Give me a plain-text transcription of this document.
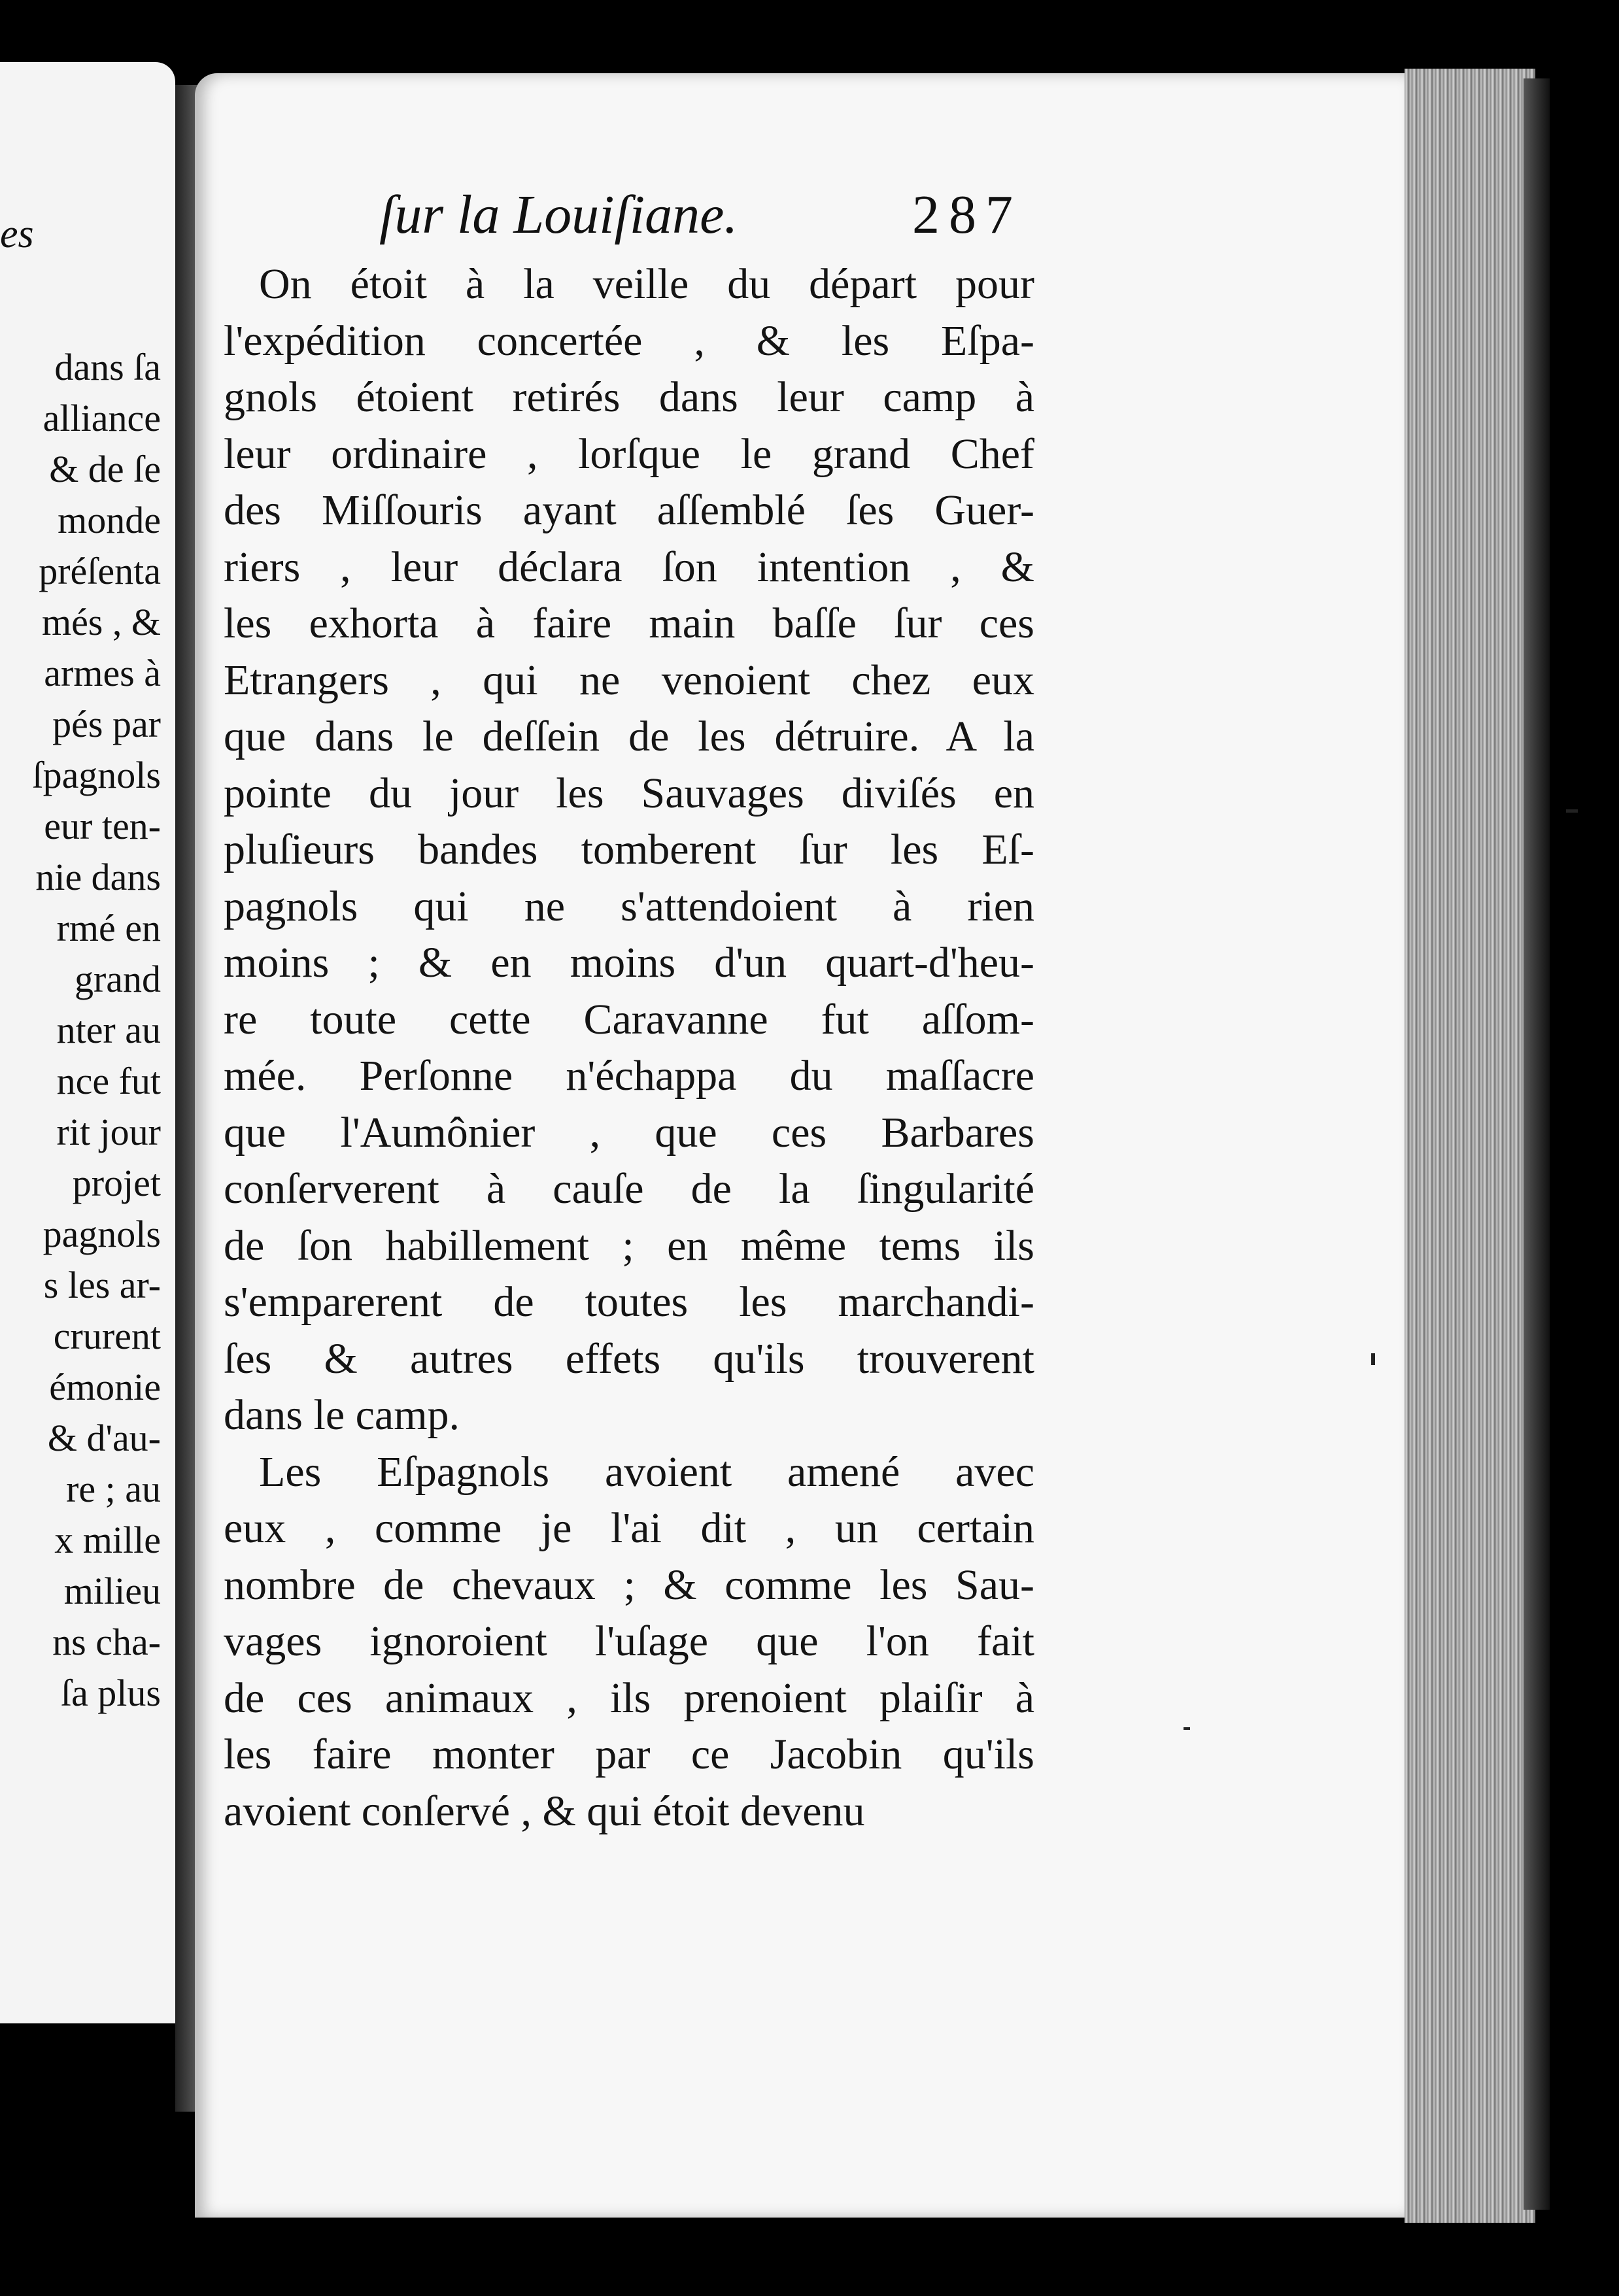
es
dans ſa
alliance
& de ſe
monde
préſenta
més , &
armes à
pés par
ſpagnols
eur ten-
nie dans
rmé en
grand
nter au
nce fut
rit jour
projet
pagnols
s les ar-
crurent
émonie
& d'au-
re ; au
x mille
milieu
ns cha-
ſa plus
ſur la Louiſiane.	287
On étoit à la veille du départ pour
l'expédition concertée , & les Eſpa-
gnols étoient retirés dans leur camp à
leur ordinaire , lorſque le grand Chef
des Miſſouris ayant aſſemblé ſes Guer-
riers , leur déclara ſon intention , &
les exhorta à faire main baſſe ſur ces
Etrangers , qui ne venoient chez eux
que dans le deſſein de les détruire. A la
pointe du jour les Sauvages diviſés en
pluſieurs bandes tomberent ſur les Eſ-
pagnols qui ne s'attendoient à rien
moins ; & en moins d'un quart-d'heu-
re toute cette Caravanne fut aſſom-
mée. Perſonne n'échappa du maſſacre
que l'Aumônier , que ces Barbares
conſerverent à cauſe de la ſingularité
de ſon habillement ; en même tems ils
s'emparerent de toutes les marchandi-
ſes & autres effets qu'ils trouverent
dans le camp.
Les Eſpagnols avoient amené avec
eux , comme je l'ai dit , un certain
nombre de chevaux ; & comme les Sau-
vages ignoroient l'uſage que l'on fait
de ces animaux , ils prenoient plaiſir à
les faire monter par ce Jacobin qu'ils
avoient conſervé , & qui étoit devenu
